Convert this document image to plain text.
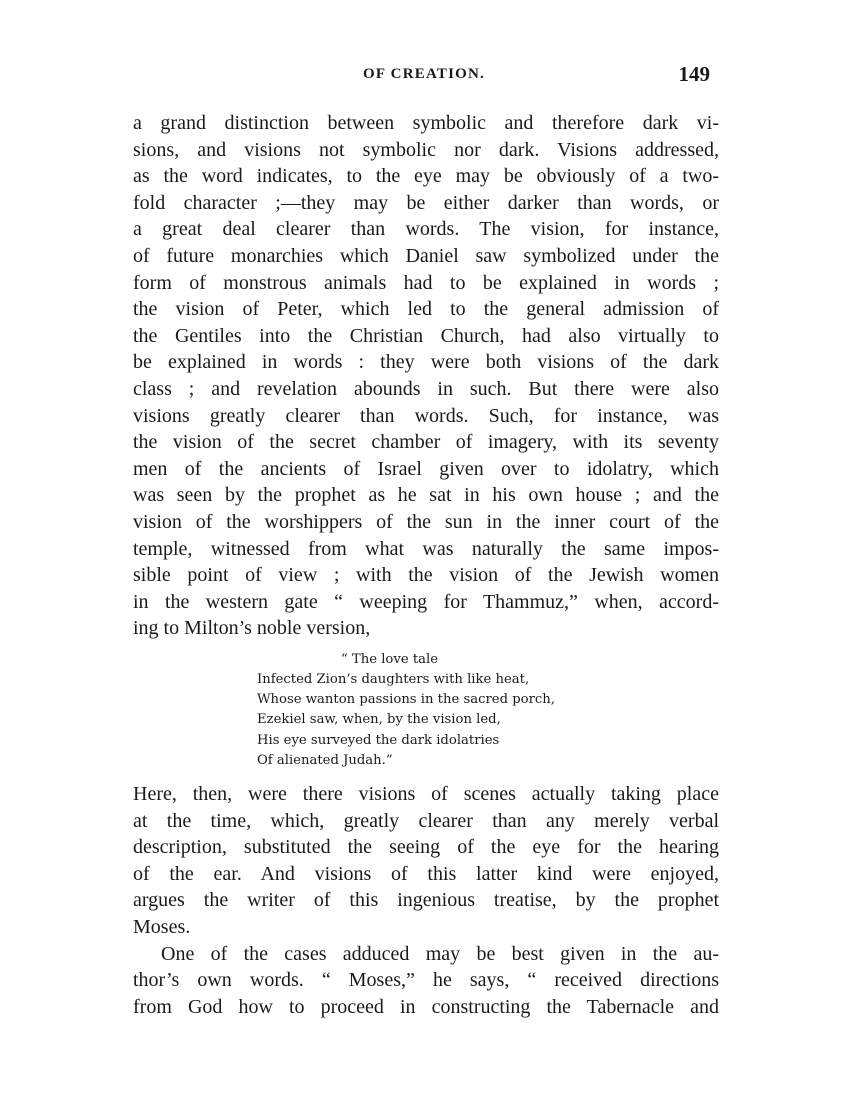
OF CREATION.	149
a grand distinction between symbolic and therefore dark vi-
sions, and visions not symbolic nor dark. Visions addressed,
as the word indicates, to the eye may be obviously of a two-
fold character ;—they may be either darker than words, or
a great deal clearer than words. The vision, for instance,
of future monarchies which Daniel saw symbolized under the
form of monstrous animals had to be explained in words ;
the vision of Peter, which led to the general admission of
the Gentiles into the Christian Church, had also virtually to
be explained in words : they were both visions of the dark
class ; and revelation abounds in such. But there were also
visions greatly clearer than words. Such, for instance, was
the vision of the secret chamber of imagery, with its seventy
men of the ancients of Israel given over to idolatry, which
was seen by the prophet as he sat in his own house ; and the
vision of the worshippers of the sun in the inner court of the
temple, witnessed from what was naturally the same impos-
sible point of view ; with the vision of the Jewish women
in the western gate “ weeping for Thammuz,” when, accord-
ing to Milton’s noble version,
“ The love tale
Infected Zion’s daughters with like heat,
Whose wanton passions in the sacred porch,
Ezekiel saw, when, by the vision led,
His eye surveyed the dark idolatries
Of alienated Judah.”
Here, then, were there visions of scenes actually taking place
at the time, which, greatly clearer than any merely verbal
description, substituted the seeing of the eye for the hearing
of the ear. And visions of this latter kind were enjoyed,
argues the writer of this ingenious treatise, by the prophet
Moses.
One of the cases adduced may be best given in the au-
thor’s own words. “ Moses,” he says, “ received directions
from God how to proceed in constructing the Tabernacle and
